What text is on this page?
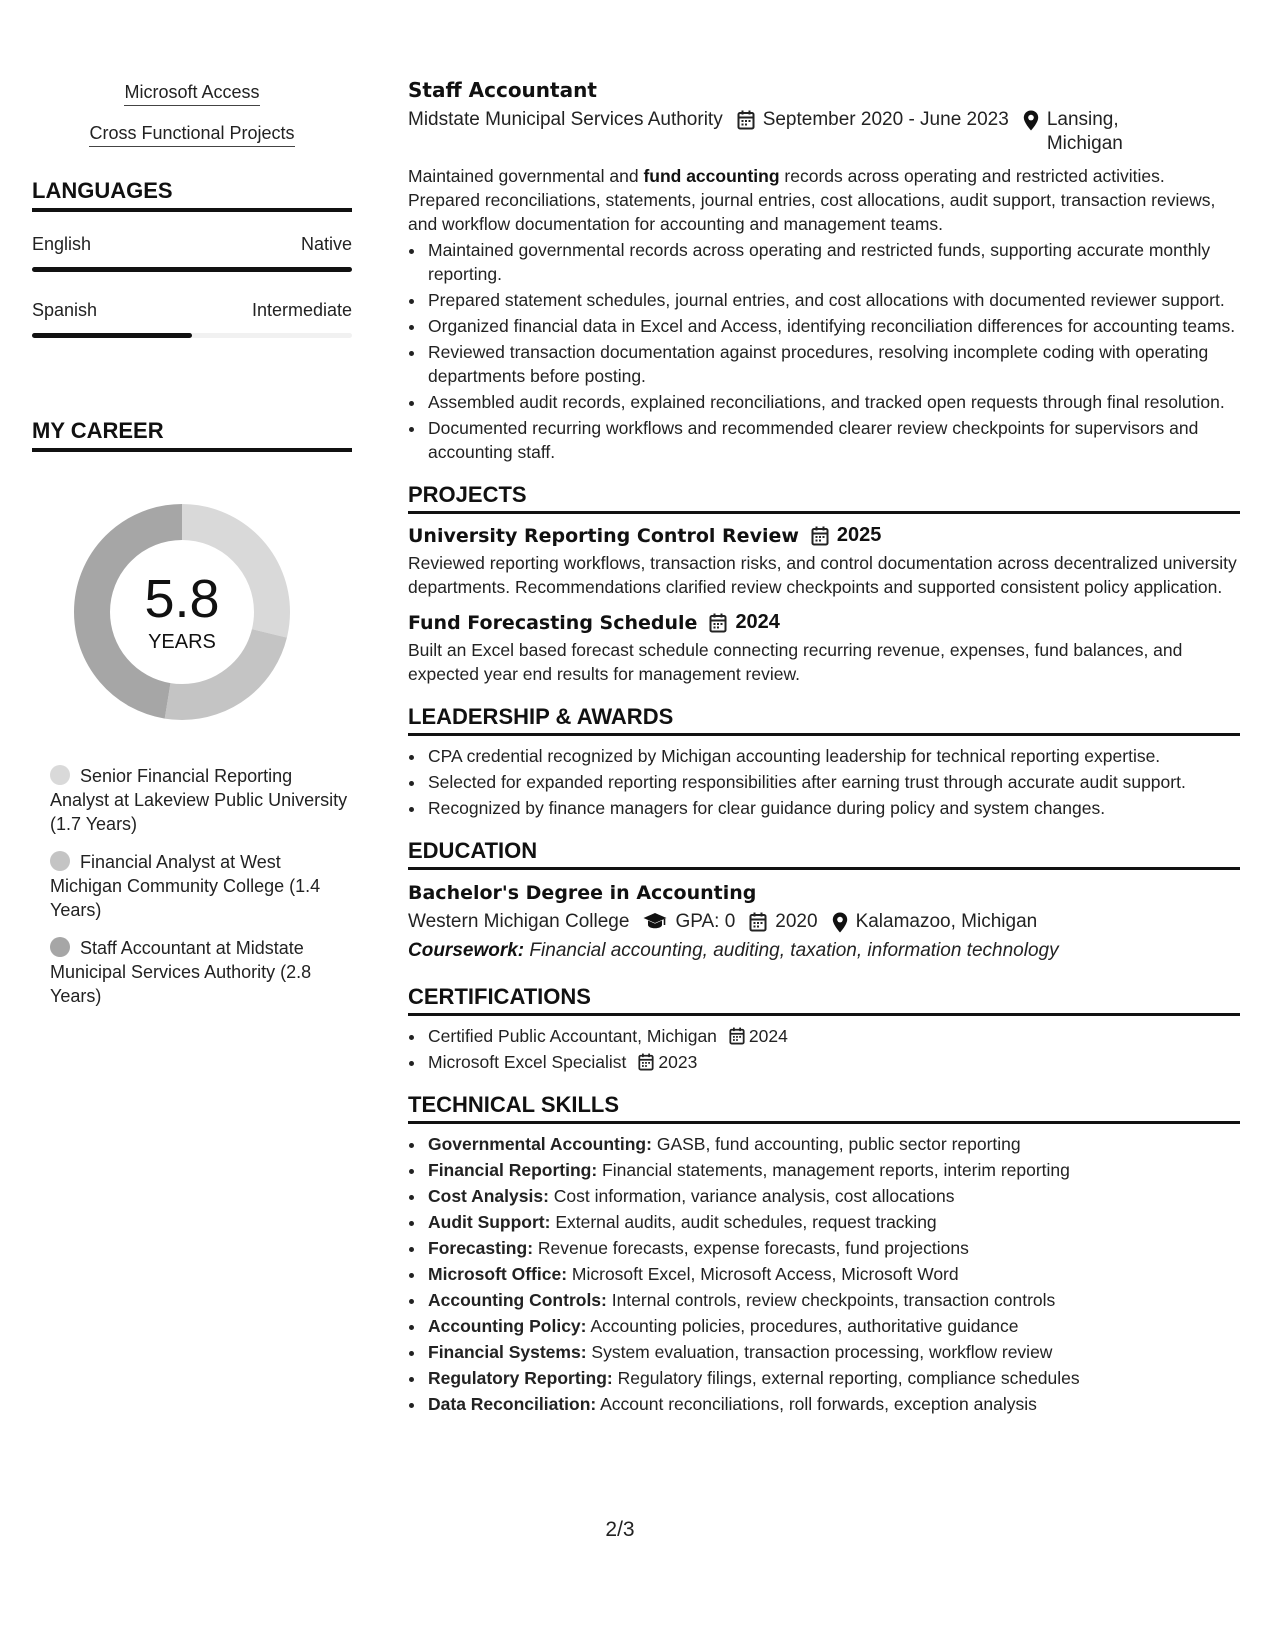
Microsoft Access
Cross Functional Projects
LANGUAGES
English	Native
Spanish	Intermediate
MY CAREER
5.8
YEARS
Senior Financial Reporting Analyst at Lakeview Public University (1.7 Years)
Financial Analyst at West Michigan Community College (1.4 Years)
Staff Accountant at Midstate Municipal Services Authority (2.8 Years)
Staff Accountant
Midstate Municipal Services Authority September 2020 - June 2023 Lansing,
Michigan
Maintained governmental and fund accounting records across operating and restricted activities. Prepared reconciliations, statements, journal entries, cost allocations, audit support, transaction reviews, and workflow documentation for accounting and management teams.
• Maintained governmental records across operating and restricted funds, supporting accurate monthly reporting.
• Prepared statement schedules, journal entries, and cost allocations with documented reviewer support.
• Organized financial data in Excel and Access, identifying reconciliation differences for accounting teams.
• Reviewed transaction documentation against procedures, resolving incomplete coding with operating departments before posting.
• Assembled audit records, explained reconciliations, and tracked open requests through final resolution.
• Documented recurring workflows and recommended clearer review checkpoints for supervisors and accounting staff.
PROJECTS
University Reporting Control Review 2025
Reviewed reporting workflows, transaction risks, and control documentation across decentralized university departments. Recommendations clarified review checkpoints and supported consistent policy application.
Fund Forecasting Schedule 2024
Built an Excel based forecast schedule connecting recurring revenue, expenses, fund balances, and expected year end results for management review.
LEADERSHIP & AWARDS
• CPA credential recognized by Michigan accounting leadership for technical reporting expertise.
• Selected for expanded reporting responsibilities after earning trust through accurate audit support.
• Recognized by finance managers for clear guidance during policy and system changes.
EDUCATION
Bachelor's Degree in Accounting
Western Michigan College GPA: 0 2020 Kalamazoo, Michigan
Coursework: Financial accounting, auditing, taxation, information technology
CERTIFICATIONS
• Certified Public Accountant, Michigan 2024
• Microsoft Excel Specialist 2023
TECHNICAL SKILLS
• Governmental Accounting: GASB, fund accounting, public sector reporting
• Financial Reporting: Financial statements, management reports, interim reporting
• Cost Analysis: Cost information, variance analysis, cost allocations
• Audit Support: External audits, audit schedules, request tracking
• Forecasting: Revenue forecasts, expense forecasts, fund projections
• Microsoft Office: Microsoft Excel, Microsoft Access, Microsoft Word
• Accounting Controls: Internal controls, review checkpoints, transaction controls
• Accounting Policy: Accounting policies, procedures, authoritative guidance
• Financial Systems: System evaluation, transaction processing, workflow review
• Regulatory Reporting: Regulatory filings, external reporting, compliance schedules
• Data Reconciliation: Account reconciliations, roll forwards, exception analysis
2/3
